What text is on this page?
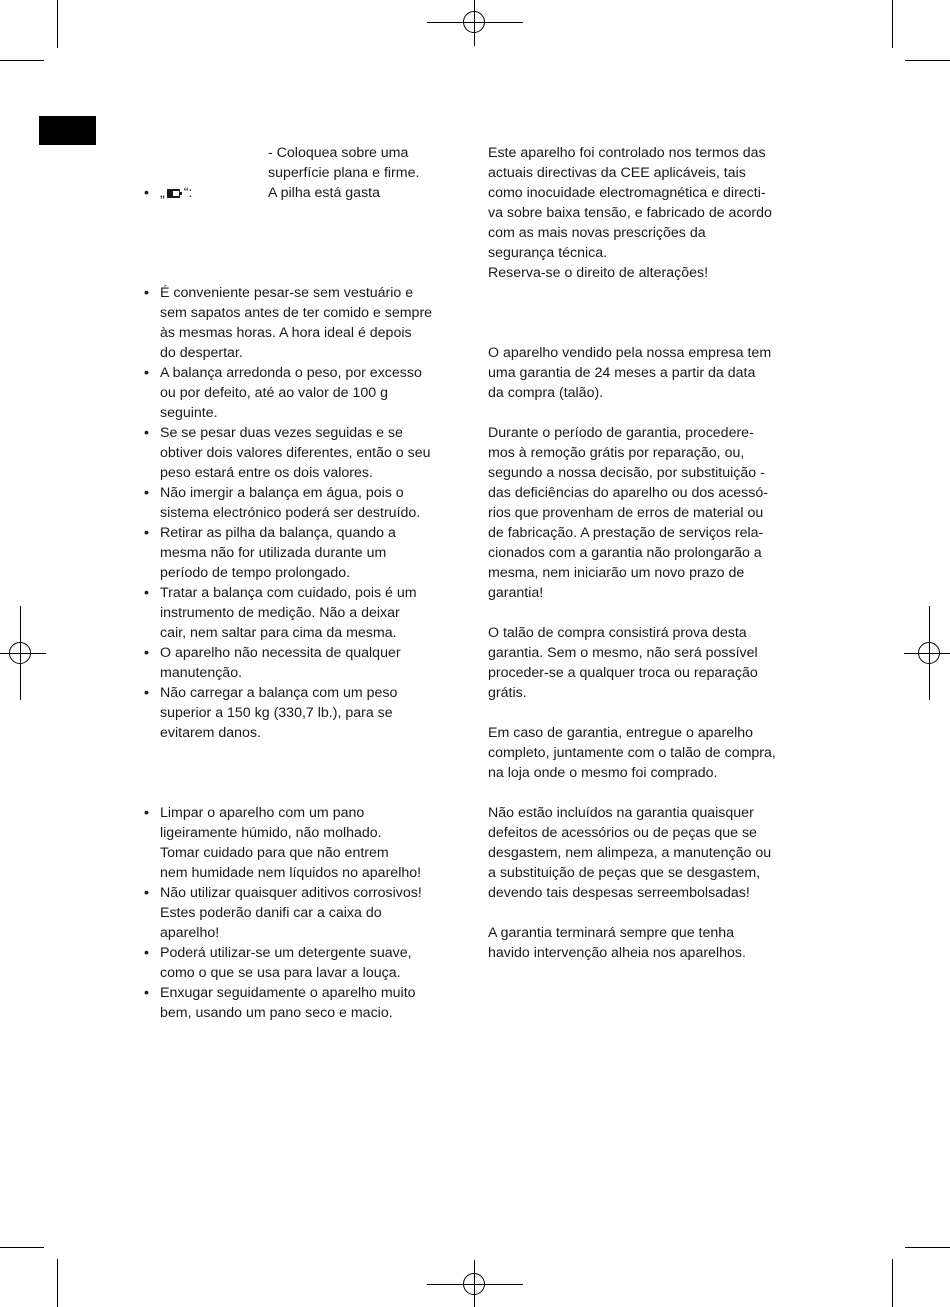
- Coloquea sobre uma
superfície plana e firme.
• „ “:	A pilha está gasta
• É conveniente pesar-se sem vestuário e
sem sapatos antes de ter comido e sempre
às mesmas horas. A hora ideal é depois
do despertar.
• A balança arredonda o peso, por excesso
ou por defeito, até ao valor de 100 g
seguinte.
• Se se pesar duas vezes seguidas e se
obtiver dois valores diferentes, então o seu
peso estará entre os dois valores.
• Não imergir a balança em água, pois o
sistema electrónico poderá ser destruído.
• Retirar as pilha da balança, quando a
mesma não for utilizada durante um
período de tempo prolongado.
• Tratar a balança com cuidado, pois é um
instrumento de medição. Não a deixar
cair, nem saltar para cima da mesma.
• O aparelho não necessita de qualquer
manutenção.
• Não carregar a balança com um peso
superior a 150 kg (330,7 lb.), para se
evitarem danos.
• Limpar o aparelho com um pano
ligeiramente húmido, não molhado.
Tomar cuidado para que não entrem
nem humidade nem líquidos no aparelho!
• Não utilizar quaisquer aditivos corrosivos!
Estes poderão danifi car a caixa do
aparelho!
• Poderá utilizar-se um detergente suave,
como o que se usa para lavar a louça.
• Enxugar seguidamente o aparelho muito
bem, usando um pano seco e macio.
Este aparelho foi controlado nos termos das
actuais directivas da CEE aplicáveis, tais
como inocuidade electromagnética e directi-
va sobre baixa tensão, e fabricado de acordo
com as mais novas prescrições da
segurança técnica.
Reserva-se o direito de alterações!
O aparelho vendido pela nossa empresa tem
uma garantia de 24 meses a partir da data
da compra (talão).
Durante o período de garantia, procedere-
mos à remoção grátis por reparação, ou,
segundo a nossa decisão, por substituição -
das deficiências do aparelho ou dos acessó-
rios que provenham de erros de material ou
de fabricação. A prestação de serviços rela-
cionados com a garantia não prolongarão a
mesma, nem iniciarão um novo prazo de
garantia!
O talão de compra consistirá prova desta
garantia. Sem o mesmo, não será possível
proceder-se a qualquer troca ou reparação
grátis.
Em caso de garantia, entregue o aparelho
completo, juntamente com o talão de compra,
na loja onde o mesmo foi comprado.
Não estão incluídos na garantia quaisquer
defeitos de acessórios ou de peças que se
desgastem, nem alimpeza, a manutenção ou
a substituição de peças que se desgastem,
devendo tais despesas serreembolsadas!
A garantia terminará sempre que tenha
havido intervenção alheia nos aparelhos.
